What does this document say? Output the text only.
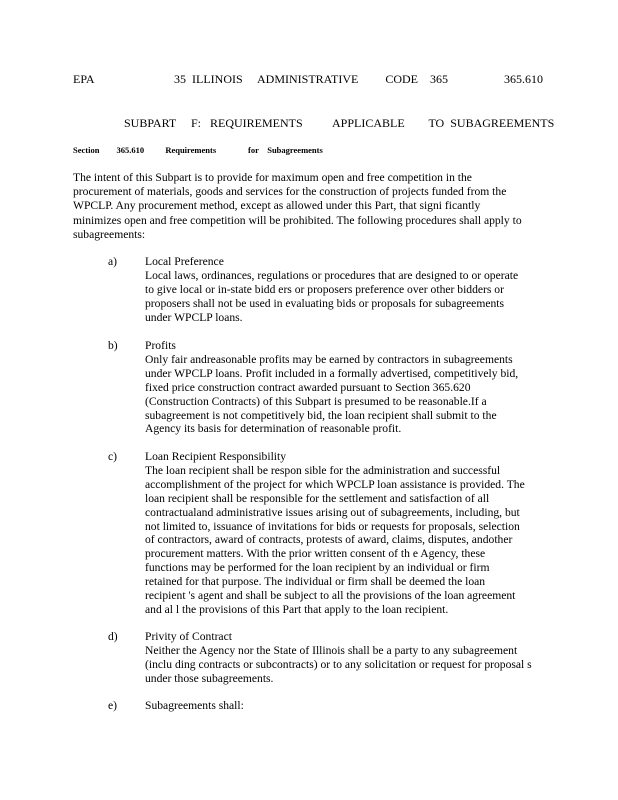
EPA	35  ILLINOIS     ADMINISTRATIVE         CODE    365	365.610
SUBPART     F:   REQUIREMENTS          APPLICABLE        TO  SUBAGREEMENTS
Section        365.610          Requirements               for    Subagreements
The intent of this Subpart is to provide for maximum open and free competition in the
procurement of materials, goods and services for the construction of projects funded from the
WPCLP. Any procurement method, except as allowed under this Part, that signi ficantly
minimizes open and free competition will be prohibited. The following procedures shall apply to
subagreements:
a) Local Preference
Local laws, ordinances, regulations or procedures that are designed to or operate
to give local or in-state bidd ers or proposers preference over other bidders or
proposers shall not be used in evaluating bids or proposals for subagreements
under WPCLP loans.
b) Profits
Only fair andreasonable profits may be earned by contractors in subagreements
under WPCLP loans. Profit included in a formally advertised, competitively bid,
fixed price construction contract awarded pursuant to Section 365.620
(Construction Contracts) of this Subpart is presumed to be reasonable.If a
subagreement is not competitively bid, the loan recipient shall submit to the
Agency its basis for determination of reasonable profit.
c) Loan Recipient Responsibility
The loan recipient shall be respon sible for the administration and successful
accomplishment of the project for which WPCLP loan assistance is provided. The
loan recipient shall be responsible for the settlement and satisfaction of all
contractualand administrative issues arising out of subagreements, including, but
not limited to, issuance of invitations for bids or requests for proposals, selection
of contractors, award of contracts, protests of award, claims, disputes, andother
procurement matters. With the prior written consent of th e Agency, these
functions may be performed for the loan recipient by an individual or firm
retained for that purpose. The individual or firm shall be deemed the loan
recipient 's agent and shall be subject to all the provisions of the loan agreement
and al l the provisions of this Part that apply to the loan recipient.
d) Privity of Contract
Neither the Agency nor the State of Illinois shall be a party to any subagreement
(inclu ding contracts or subcontracts) or to any solicitation or request for proposal s
under those subagreements.
e) Subagreements shall:
